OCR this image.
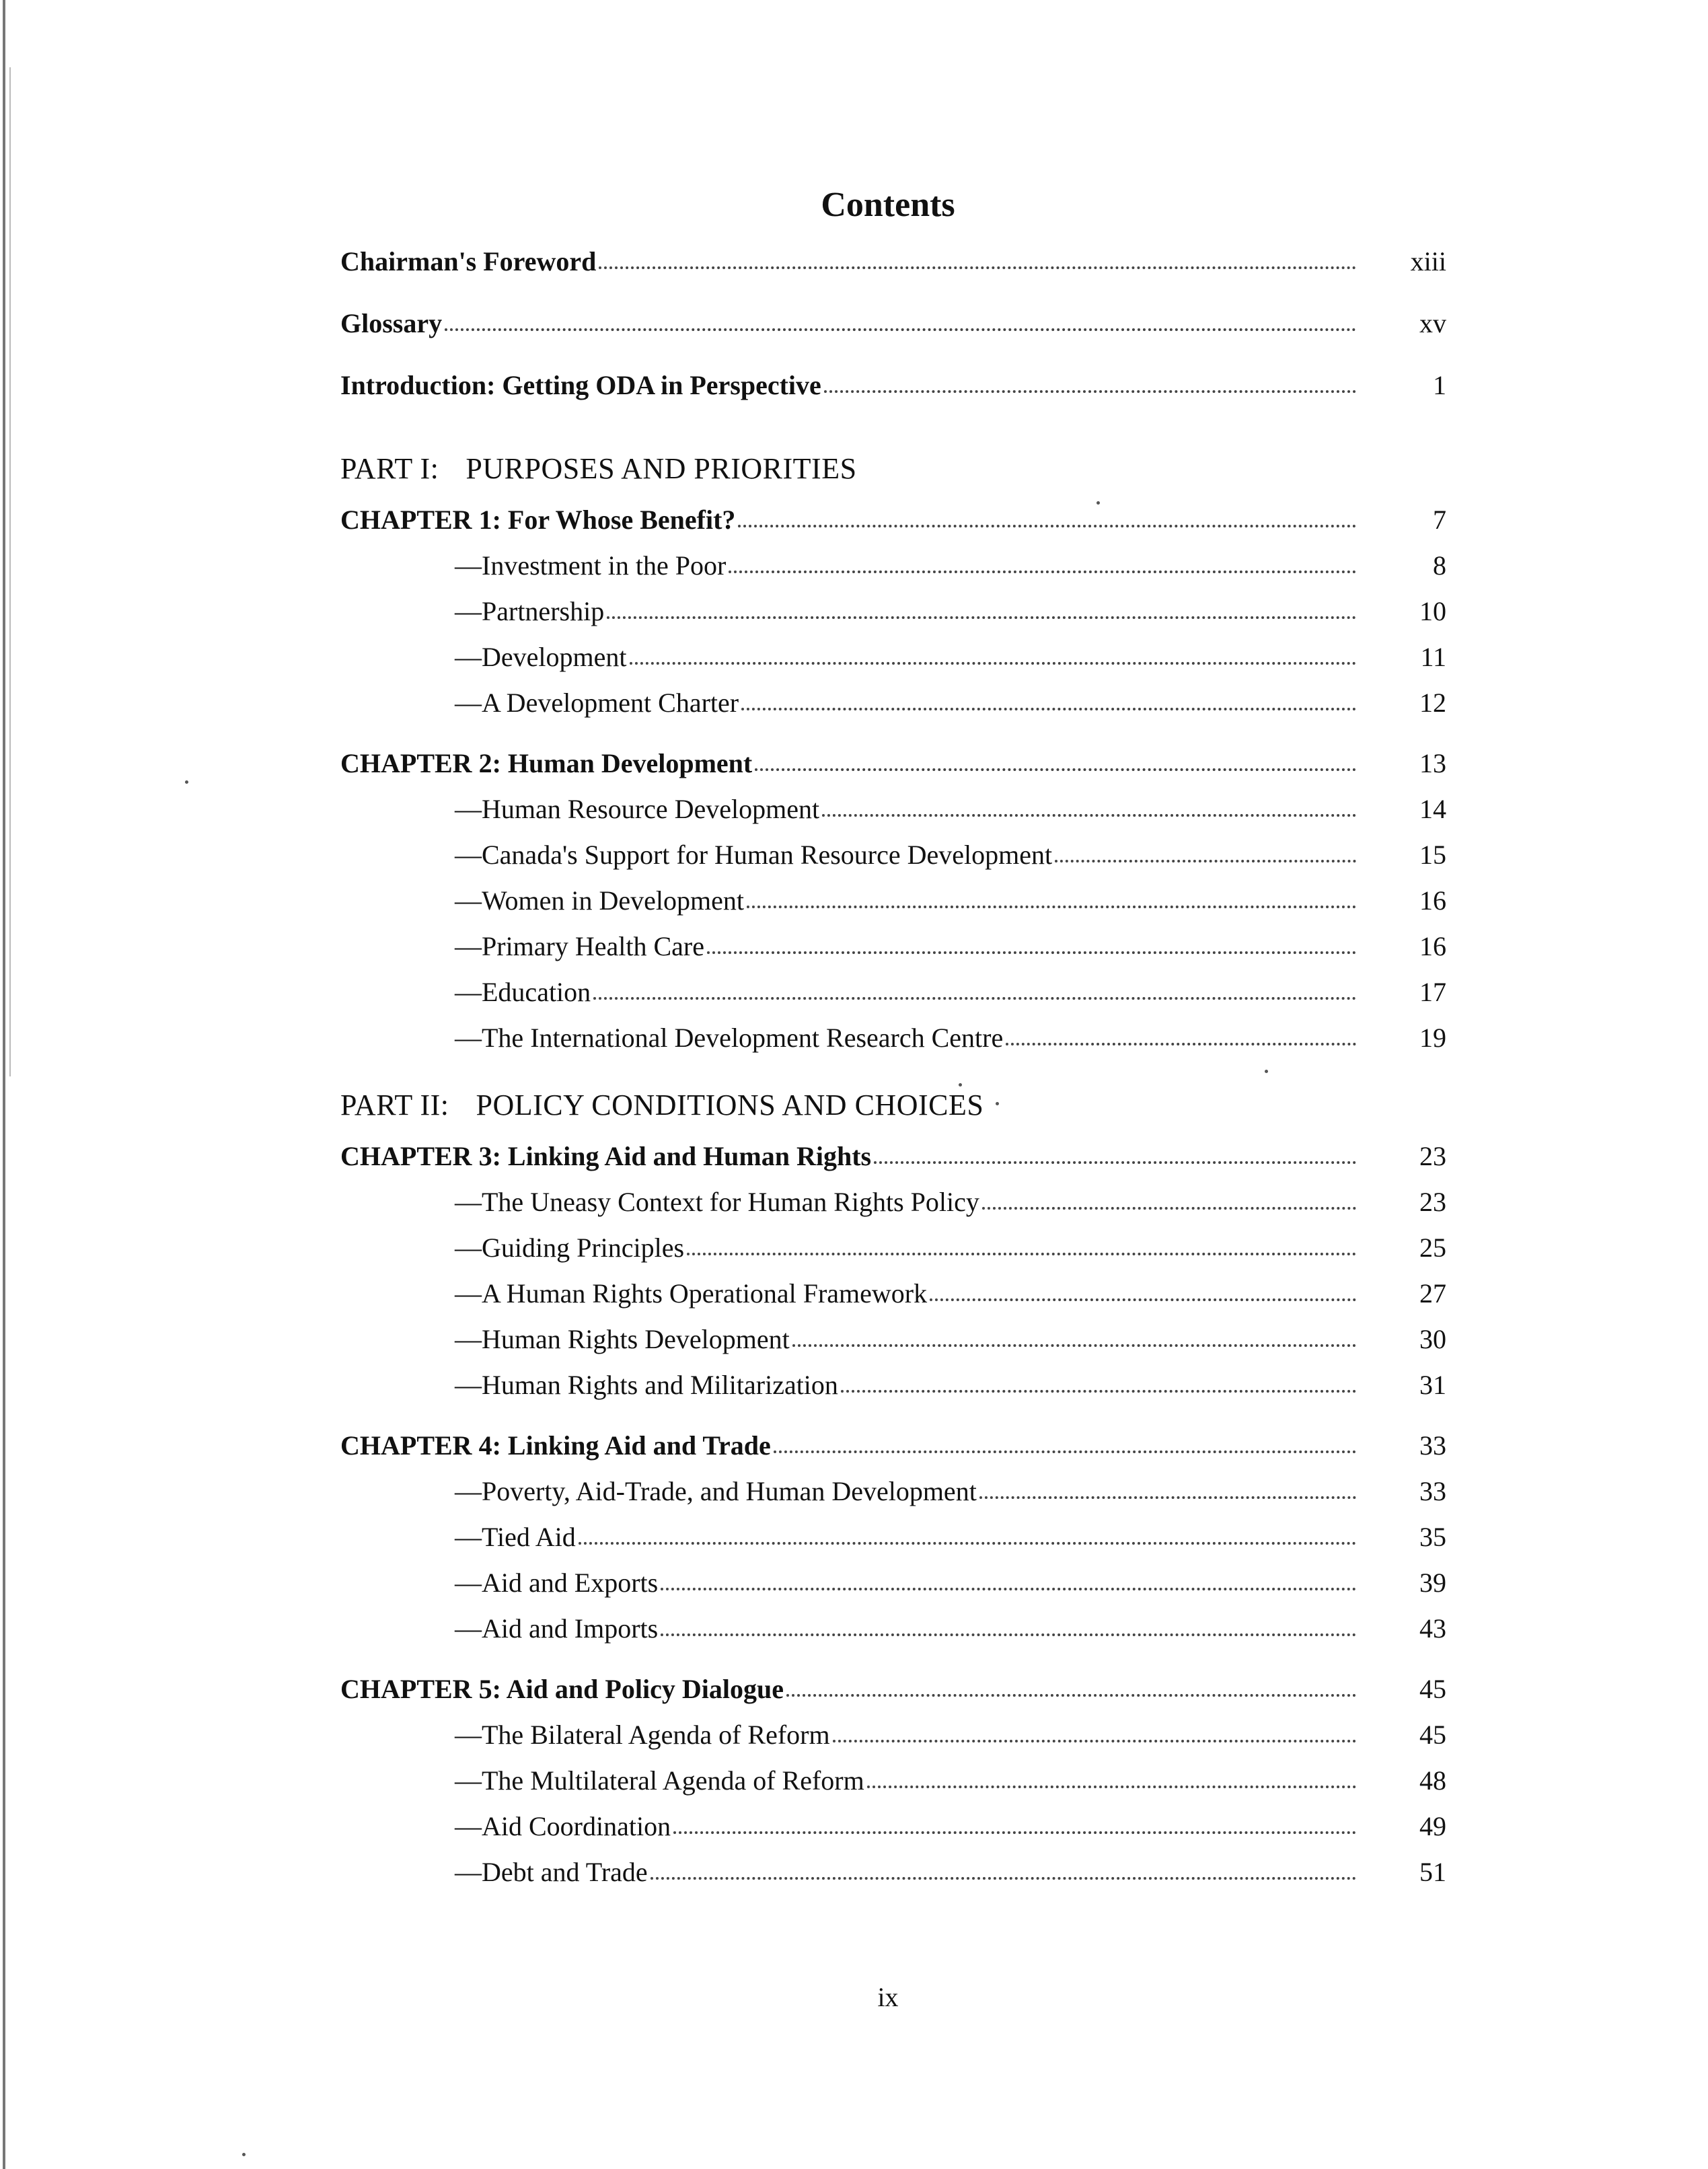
Contents
Chairman's Foreword	xiii
Glossary	xv
Introduction: Getting ODA in Perspective	1
PART I: PURPOSES AND PRIORITIES
CHAPTER 1: For Whose Benefit?	7
—Investment in the Poor	8
—Partnership	10
—Development	11
—A Development Charter	12
CHAPTER 2: Human Development	13
—Human Resource Development	14
—Canada's Support for Human Resource Development	15
—Women in Development	16
—Primary Health Care	16
—Education	17
—The International Development Research Centre	19
PART II: POLICY CONDITIONS AND CHOICES
CHAPTER 3: Linking Aid and Human Rights	23
—The Uneasy Context for Human Rights Policy	23
—Guiding Principles	25
—A Human Rights Operational Framework	27
—Human Rights Development	30
—Human Rights and Militarization	31
CHAPTER 4: Linking Aid and Trade	33
—Poverty, Aid-Trade, and Human Development	33
—Tied Aid	35
—Aid and Exports	39
—Aid and Imports	43
CHAPTER 5: Aid and Policy Dialogue	45
—The Bilateral Agenda of Reform	45
—The Multilateral Agenda of Reform	48
—Aid Coordination	49
—Debt and Trade	51
ix
